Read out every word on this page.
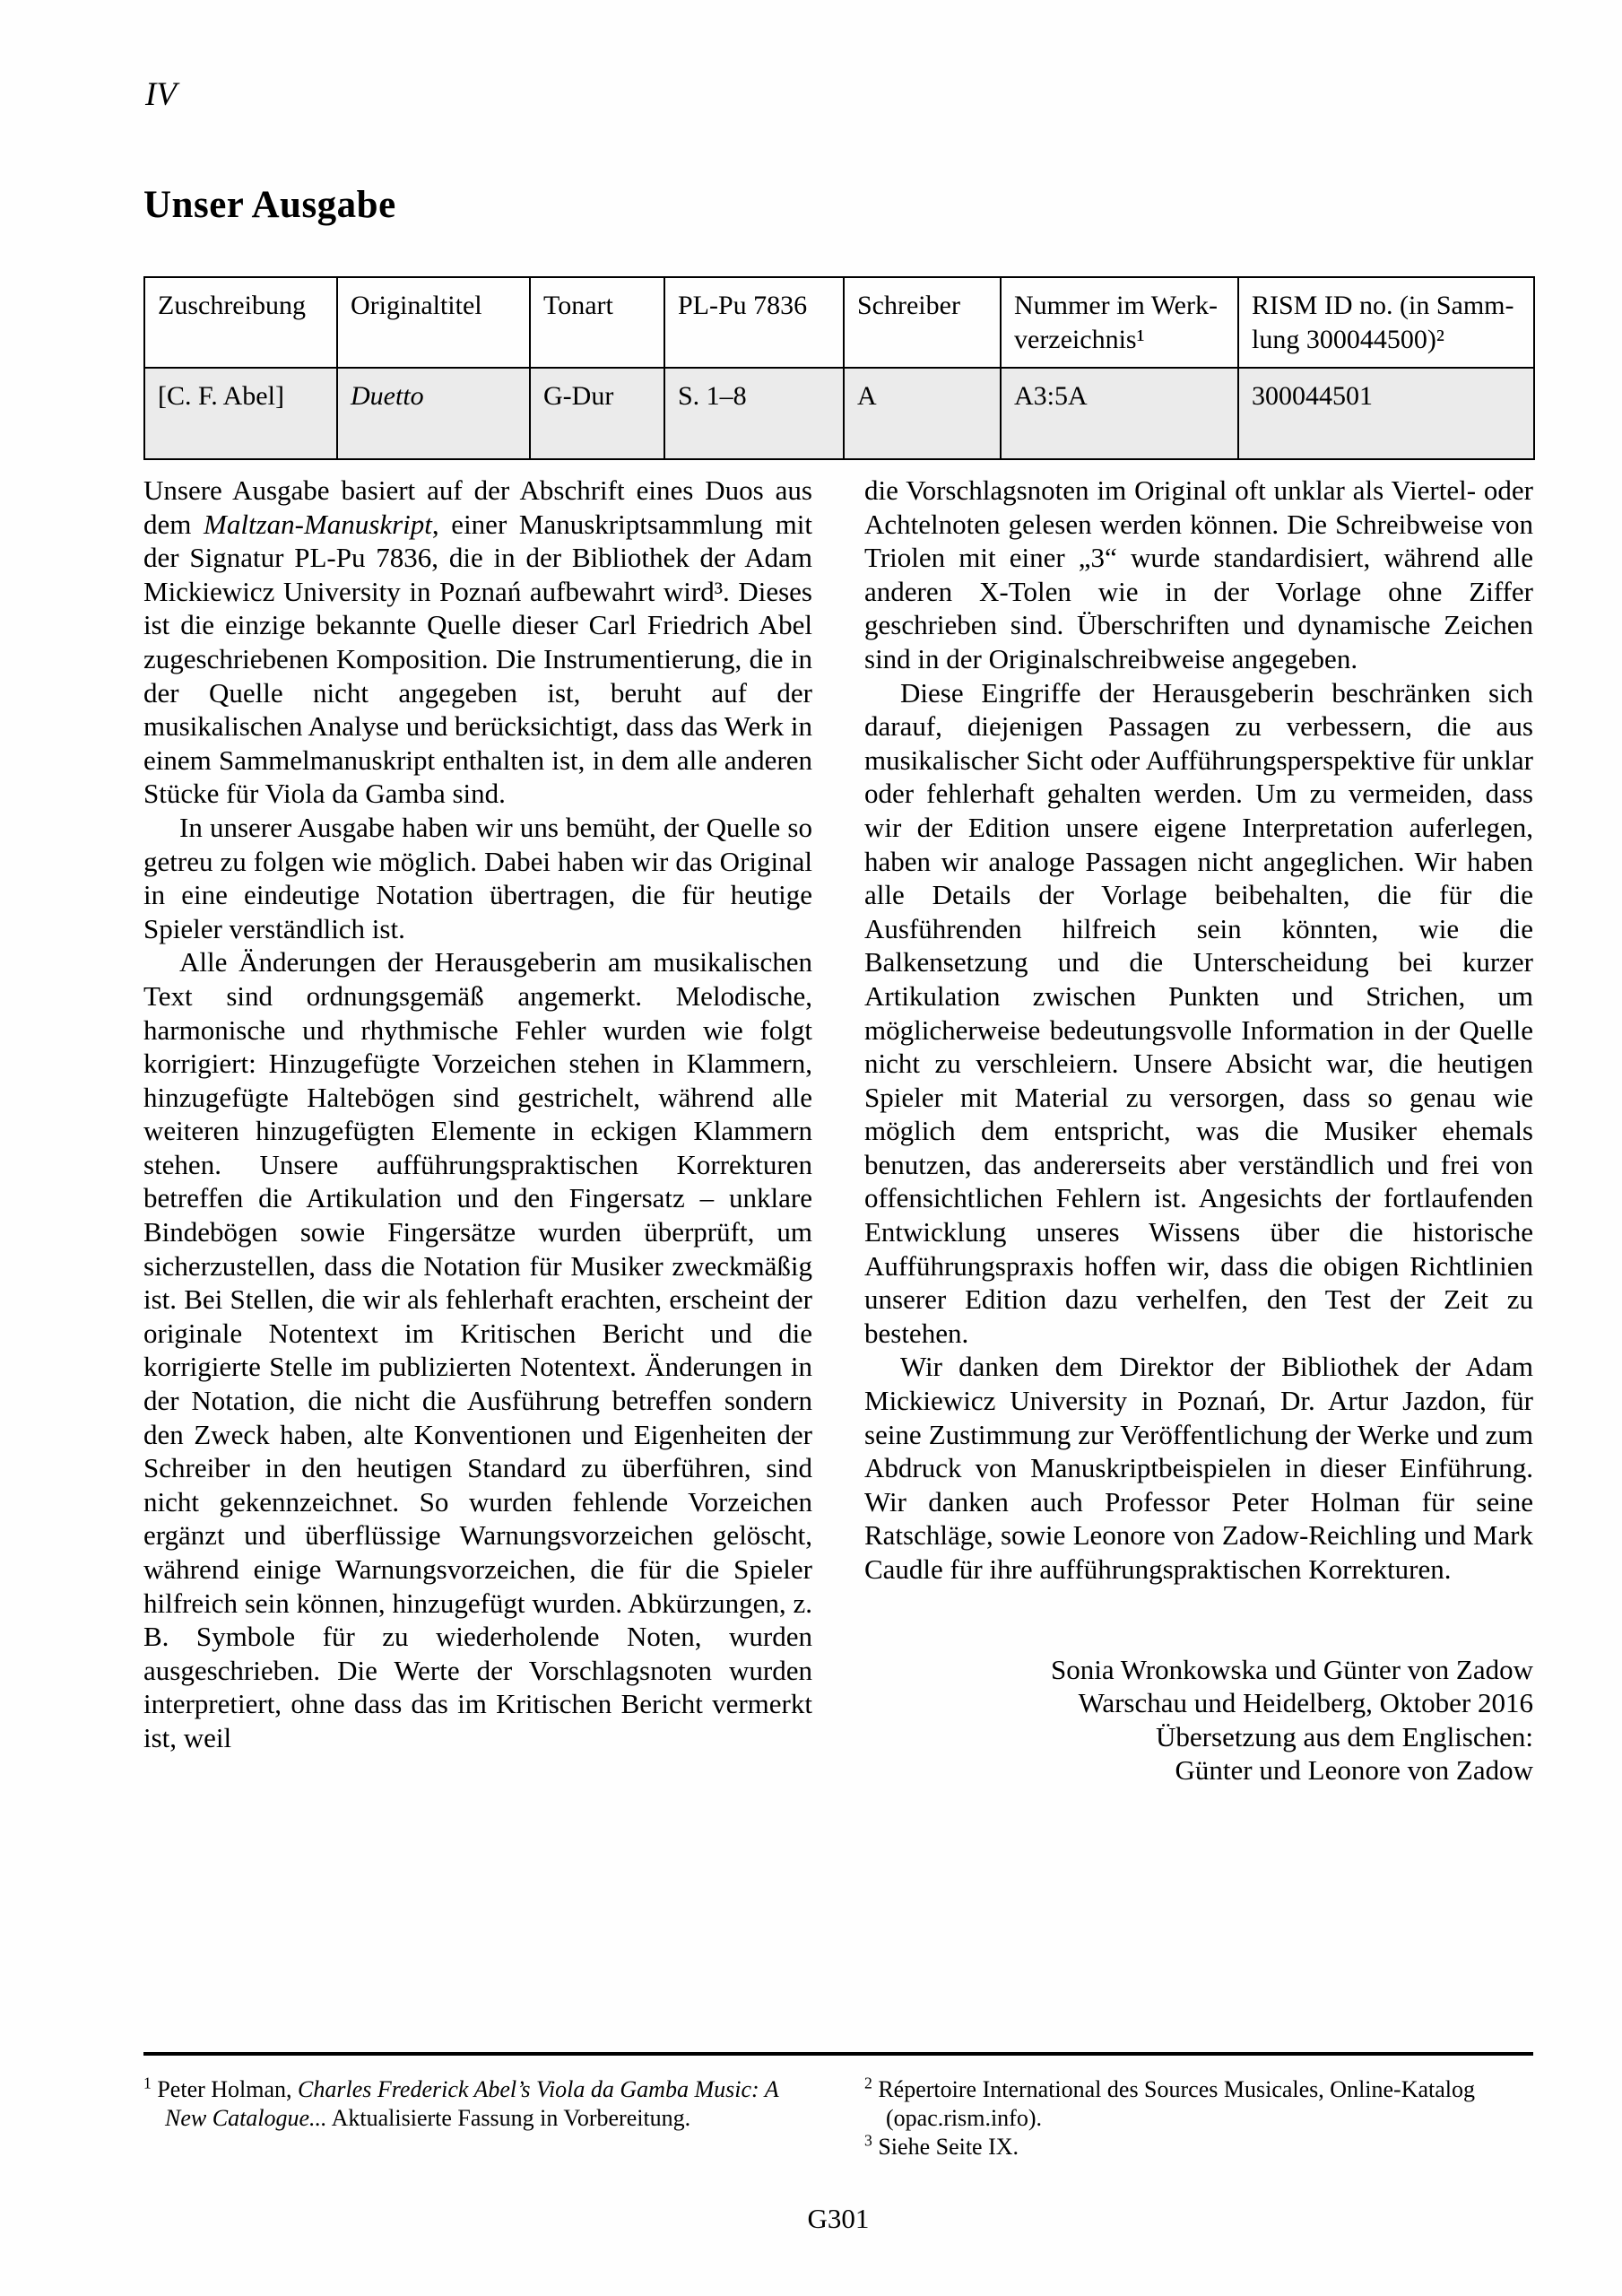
IV
Unser Ausgabe
Zuschreibung	Originaltitel	Tonart	PL-Pu 7836	Schreiber	Nummer im Werkverzeichnis¹	RISM ID no. (in Sammlung 300044500)²
[C. F. Abel]	Duetto	G-Dur	S. 1–8	A	A3:5A	300044501

Unsere Ausgabe basiert auf der Abschrift eines Duos aus dem Maltzan-Manuskript, einer Manuskriptsammlung mit der Signatur PL-Pu 7836, die in der Bibliothek der Adam Mickiewicz University in Poznań aufbewahrt wird³. Dieses ist die einzige bekannte Quelle dieser Carl Friedrich Abel zugeschriebenen Komposition. Die Instrumentierung, die in der Quelle nicht angegeben ist, beruht auf der musikalischen Analyse und berücksichtigt, dass das Werk in einem Sammelmanuskript enthalten ist, in dem alle anderen Stücke für Viola da Gamba sind.

In unserer Ausgabe haben wir uns bemüht, der Quelle so getreu zu folgen wie möglich. Dabei haben wir das Original in eine eindeutige Notation übertragen, die für heutige Spieler verständlich ist.

Alle Änderungen der Herausgeberin am musikalischen Text sind ordnungsgemäß angemerkt. Melodische, harmonische und rhythmische Fehler wurden wie folgt korrigiert: Hinzugefügte Vorzeichen stehen in Klammern, hinzugefügte Haltebögen sind gestrichelt, während alle weiteren hinzugefügten Elemente in eckigen Klammern stehen. Unsere aufführungspraktischen Korrekturen betreffen die Artikulation und den Fingersatz – unklare Bindebögen sowie Fingersätze wurden überprüft, um sicherzustellen, dass die Notation für Musiker zweckmäßig ist. Bei Stellen, die wir als fehlerhaft erachten, erscheint der originale Notentext im Kritischen Bericht und die korrigierte Stelle im publizierten Notentext. Änderungen in der Notation, die nicht die Ausführung betreffen sondern den Zweck haben, alte Konventionen und Eigenheiten der Schreiber in den heutigen Standard zu überführen, sind nicht gekennzeichnet. So wurden fehlende Vorzeichen ergänzt und überflüssige Warnungsvorzeichen gelöscht, während einige Warnungsvorzeichen, die für die Spieler hilfreich sein können, hinzugefügt wurden. Abkürzungen, z. B. Symbole für zu wiederholende Noten, wurden ausgeschrieben. Die Werte der Vorschlagsnoten wurden interpretiert, ohne dass das im Kritischen Bericht vermerkt ist, weil

die Vorschlagsnoten im Original oft unklar als Viertel- oder Achtelnoten gelesen werden können. Die Schreibweise von Triolen mit einer „3“ wurde standardisiert, während alle anderen X-Tolen wie in der Vorlage ohne Ziffer geschrieben sind. Überschriften und dynamische Zeichen sind in der Originalschreibweise angegeben.

Diese Eingriffe der Herausgeberin beschränken sich darauf, diejenigen Passagen zu verbessern, die aus musikalischer Sicht oder Aufführungsperspektive für unklar oder fehlerhaft gehalten werden. Um zu vermeiden, dass wir der Edition unsere eigene Interpretation auferlegen, haben wir analoge Passagen nicht angeglichen. Wir haben alle Details der Vorlage beibehalten, die für die Ausführenden hilfreich sein könnten, wie die Balkensetzung und die Unterscheidung bei kurzer Artikulation zwischen Punkten und Strichen, um möglicherweise bedeutungsvolle Information in der Quelle nicht zu verschleiern. Unsere Absicht war, die heutigen Spieler mit Material zu versorgen, dass so genau wie möglich dem entspricht, was die Musiker ehemals benutzen, das andererseits aber verständlich und frei von offensichtlichen Fehlern ist. Angesichts der fortlaufenden Entwicklung unseres Wissens über die historische Aufführungspraxis hoffen wir, dass die obigen Richtlinien unserer Edition dazu verhelfen, den Test der Zeit zu bestehen.

Wir danken dem Direktor der Bibliothek der Adam Mickiewicz University in Poznań, Dr. Artur Jazdon, für seine Zustimmung zur Veröffentlichung der Werke und zum Abdruck von Manuskriptbeispielen in dieser Einführung. Wir danken auch Professor Peter Holman für seine Ratschläge, sowie Leonore von Zadow-Reichling und Mark Caudle für ihre aufführungspraktischen Korrekturen.

Sonia Wronkowska und Günter von Zadow
Warschau und Heidelberg, Oktober 2016
Übersetzung aus dem Englischen:
Günter und Leonore von Zadow
$^1$ Peter Holman, Charles Frederick Abel’s Viola da Gamba Music: A New Catalogue... Aktualisierte Fassung in Vorbereitung.
$^2$ Répertoire International des Sources Musicales, Online-Katalog (opac.rism.info).
$^3$ Siehe Seite IX.
G301
